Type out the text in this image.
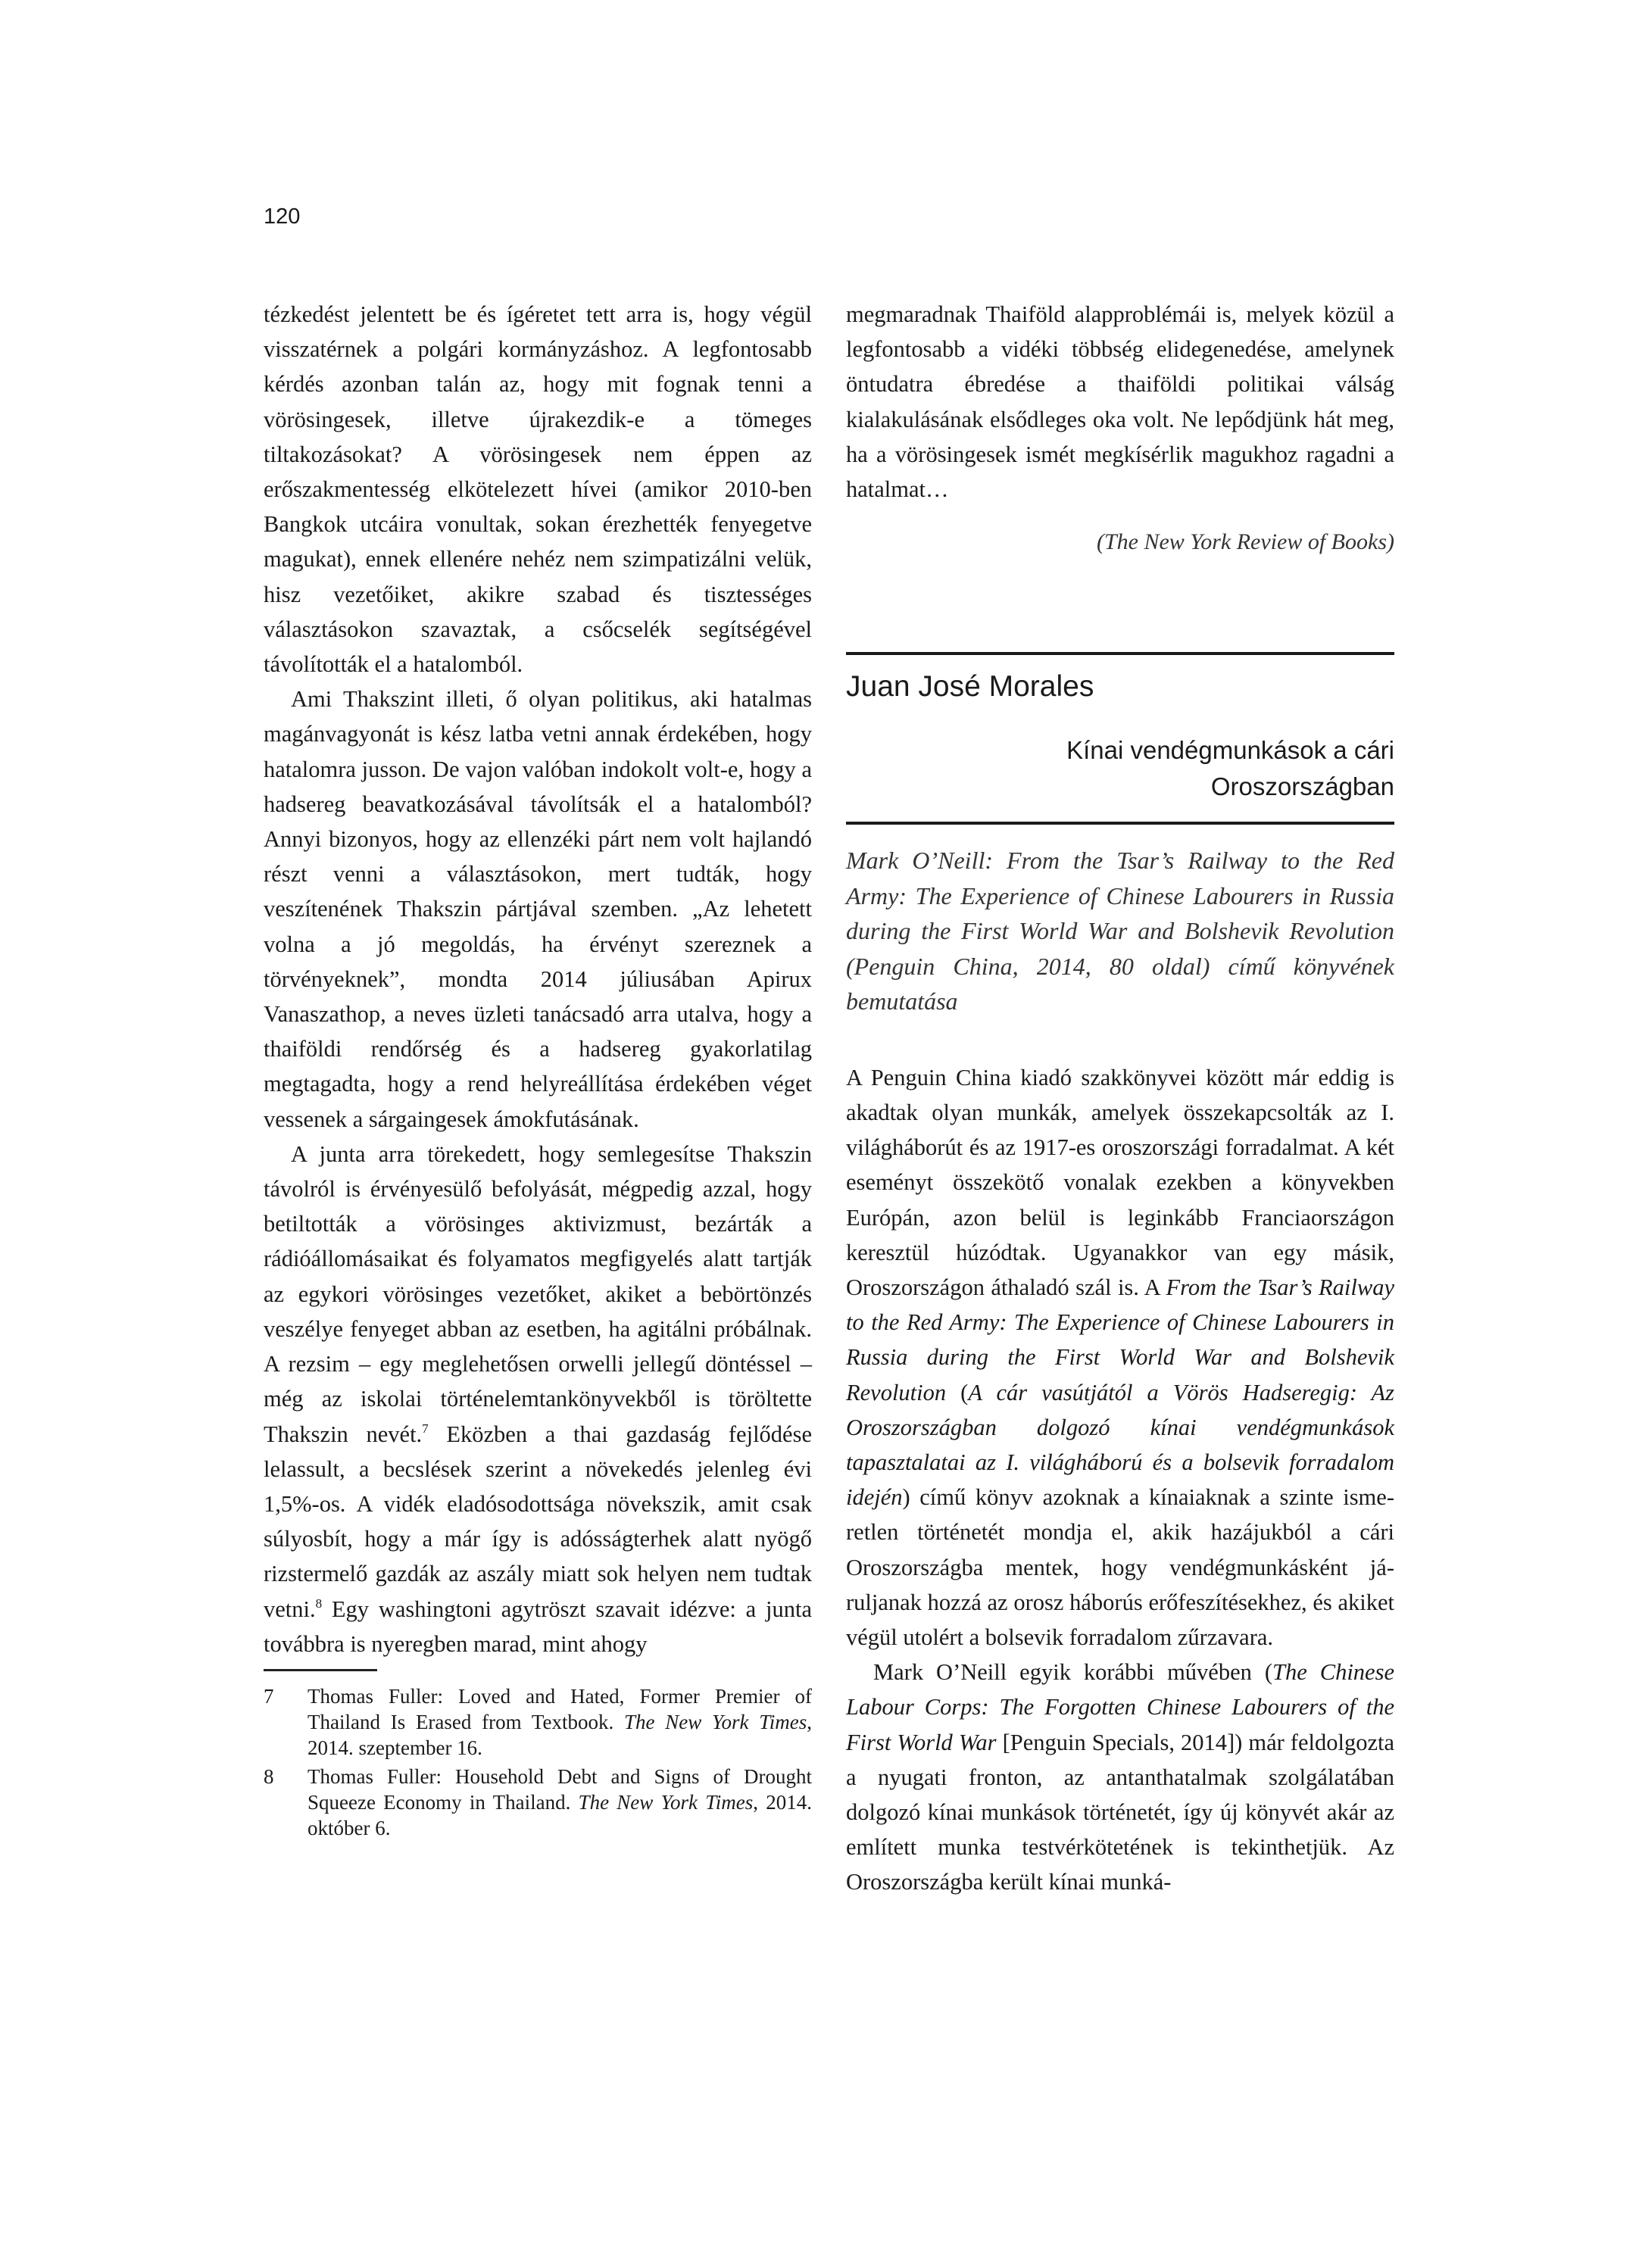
120

tézkedést jelentett be és ígéretet tett arra is, hogy végül visszatérnek a polgári kormányzáshoz. A legfontosabb kérdés azonban talán az, hogy mit fognak tenni a vörösingesek, illetve újrakezdik-e a tömeges tiltakozásokat? A vörösingesek nem éppen az erőszakmentesség elkötelezett hívei (amikor 2010-ben Bangkok utcáira vonultak, sokan érezhették fenyegetve magukat), ennek ellenére nehéz nem szimpatizálni velük, hisz vezetőiket, akikre szabad és tisztességes választásokon szavaztak, a csőcselék segítségével távolították el a hatalomból.

Ami Thakszint illeti, ő olyan politikus, aki hatalmas magánvagyonát is kész latba vetni annak érdekében, hogy hatalomra jusson. De vajon valóban indokolt volt-e, hogy a hadsereg beavatkozásával távolítsák el a hatalomból? Annyi bizonyos, hogy az ellenzéki párt nem volt hajlandó részt venni a választásokon, mert tudták, hogy veszítenének Thakszin pártjával szemben. „Az lehetett volna a jó megoldás, ha érvényt szereznek a törvényeknek”, mondta 2014 júliusában Apirux Vanaszathop, a neves üzleti tanácsadó arra utalva, hogy a thaiföldi rendőrség és a hadsereg gyakorlatilag megtagadta, hogy a rend helyreállítása érdekében véget vessenek a sárgaingesek ámokfutásának.

A junta arra törekedett, hogy semlegesítse Thakszin távolról is érvényesülő befolyását, mégpedig azzal, hogy betiltották a vörösinges aktivizmust, bezárták a rádióállomásaikat és folyamatos megfigyelés alatt tartják az egykori vörösinges vezetőket, akiket a bebörtönzés veszélye fenyeget abban az esetben, ha agitálni próbálnak. A rezsim – egy meglehetősen orwelli jellegű döntéssel – még az iskolai történelemtankönyvekből is töröltette Thakszin nevét.$^7$ Eközben a thai gazdaság fejlődése lelassult, a becslések szerint a növekedés jelenleg évi 1,5%-os. A vidék eladósodottsága növekszik, amit csak súlyosbít, hogy a már így is adósságterhek alatt nyögő rizstermelő gazdák az aszály miatt sok helyen nem tudtak vetni.$^8$ Egy washingtoni agytröszt szavait idézve: a junta továbbra is nyeregben marad, mint ahogy

7	Thomas Fuller: Loved and Hated, Former Premier of Thailand Is Erased from Textbook. The New York Times, 2014. szeptember 16.
8	Thomas Fuller: Household Debt and Signs of Drought Squeeze Economy in Thailand. The New York Times, 2014. október 6.

megmaradnak Thaiföld alapproblémái is, melyek közül a legfontosabb a vidéki többség elidegenedése, amelynek öntudatra ébredése a thaiföldi politikai válság kialakulásának elsődleges oka volt. Ne lepődjünk hát meg, ha a vörösingesek ismét megkísérlik magukhoz ragadni a hatalmat…

(The New York Review of Books)

Juan José Morales

Kínai vendégmunkások a cári
Oroszországban

Mark O’Neill: From the Tsar’s Railway to the Red Army: The Experience of Chinese Labourers in Russia during the First World War and Bolshevik Revolution (Penguin China, 2014, 80 oldal) című könyvének bemutatása

A Penguin China kiadó szakkönyvei között már eddig is akadtak olyan munkák, amelyek összekapcsolták az I. világháborút és az 1917-es oroszországi forradalmat. A két eseményt összekötő vonalak ezekben a könyvekben Európán, azon belül is leginkább Franciaországon keresztül húzódtak. Ugyanakkor van egy másik, Oroszországon áthaladó szál is. A From the Tsar’s Railway to the Red Army: The Experience of Chinese Labourers in Russia during the First World War and Bolshevik Revolution (A cár vasútjától a Vörös Hadseregig: Az Oroszországban dolgozó kínai vendégmunkások tapasztalatai az I. világháború és a bolsevik forradalom idején) című könyv azoknak a kínaiaknak a szinte ismeretlen történetét mondja el, akik hazájukból a cári Oroszországba mentek, hogy vendégmunkásként járuljanak hozzá az orosz háborús erőfeszítésekhez, és akiket végül utolért a bolsevik forradalom zűrzavara.

Mark O’Neill egyik korábbi művében (The Chinese Labour Corps: The Forgotten Chinese Labourers of the First World War [Penguin Specials, 2014]) már feldolgozta a nyugati fronton, az antanthatalmak szolgálatában dolgozó kínai munkások történetét, így új könyvét akár az említett munka testvérkötetének is tekinthetjük. Az Oroszországba került kínai munká-
